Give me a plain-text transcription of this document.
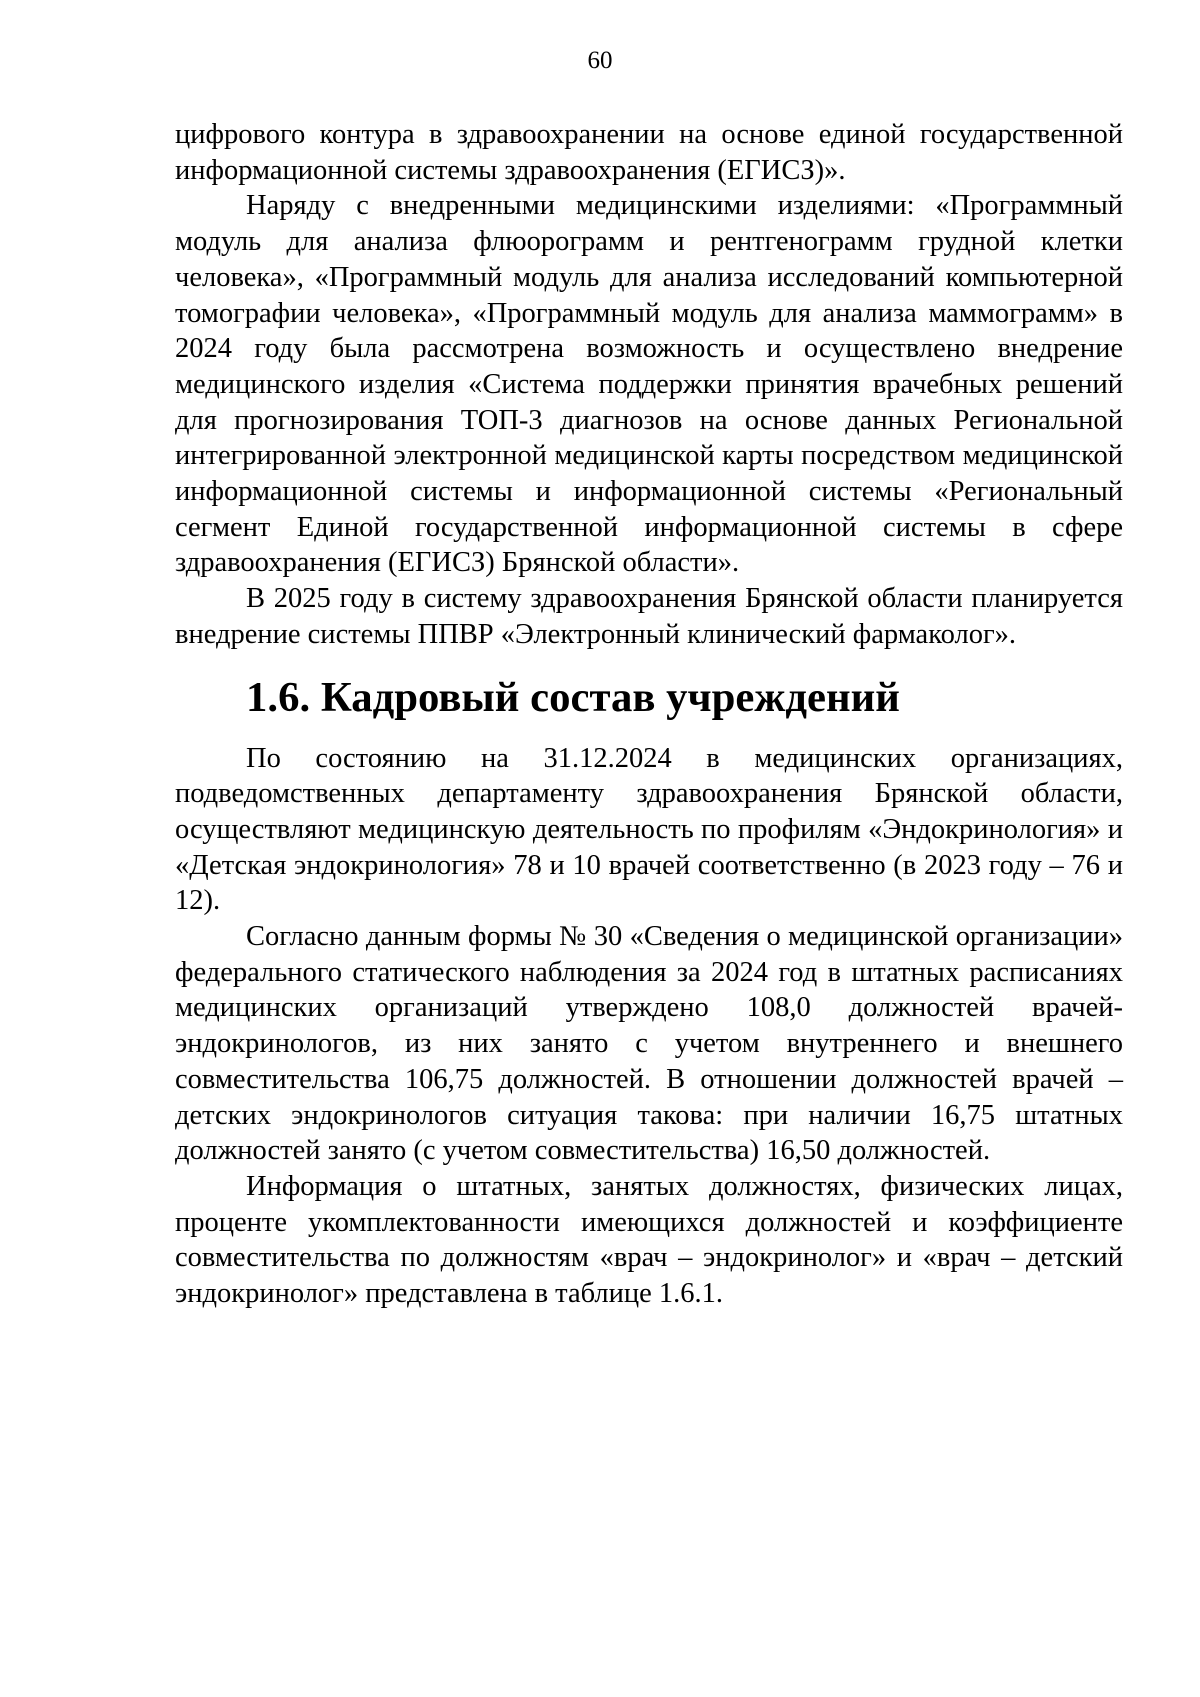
60

цифрового контура в здравоохранении на основе единой государственной информационной системы здравоохранения (ЕГИСЗ)».

Наряду с внедренными медицинскими изделиями: «Программный модуль для анализа флюорограмм и рентгенограмм грудной клетки человека», «Программный модуль для анализа исследований компьютерной томографии человека», «Программный модуль для анализа маммограмм» в 2024 году была рассмотрена возможность и осуществлено внедрение медицинского изделия «Система поддержки принятия врачебных решений для прогнозирования ТОП-3 диагнозов на основе данных Региональной интегрированной электронной медицинской карты посредством медицинской информационной системы и информационной системы «Региональный сегмент Единой государственной информационной системы в сфере здравоохранения (ЕГИСЗ) Брянской области».

В 2025 году в систему здравоохранения Брянской области планируется внедрение системы ППВР «Электронный клинический фармаколог».

1.6. Кадровый состав учреждений

По состоянию на 31.12.2024 в медицинских организациях, подведомственных департаменту здравоохранения Брянской области, осуществляют медицинскую деятельность по профилям «Эндокринология» и «Детская эндокринология» 78 и 10 врачей соответственно (в 2023 году – 76 и 12).

Согласно данным формы № 30 «Сведения о медицинской организации» федерального статического наблюдения за 2024 год в штатных расписаниях медицинских организаций утверждено 108,0 должностей врачей-эндокринологов, из них занято с учетом внутреннего и внешнего совместительства 106,75 должностей. В отношении должностей врачей – детских эндокринологов ситуация такова: при наличии 16,75 штатных должностей занято (с учетом совместительства) 16,50 должностей.

Информация о штатных, занятых должностях, физических лицах, проценте укомплектованности имеющихся должностей и коэффициенте совместительства по должностям «врач – эндокринолог» и «врач – детский эндокринолог» представлена в таблице 1.6.1.
